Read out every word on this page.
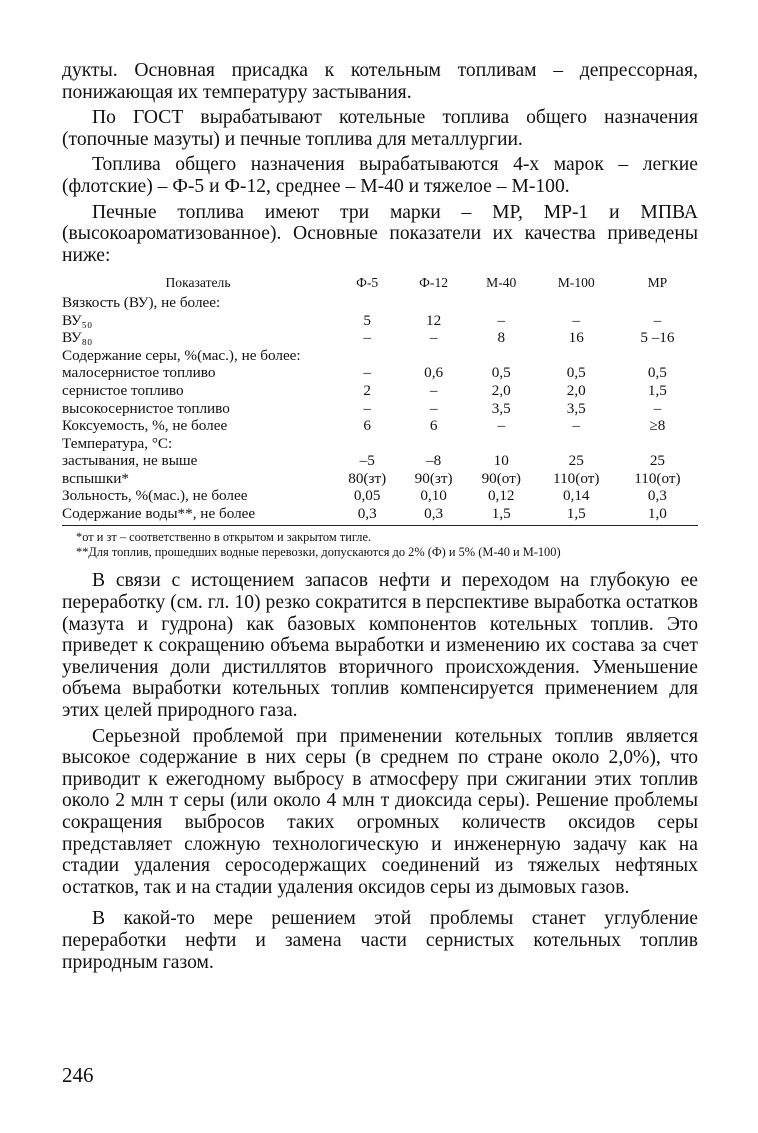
дукты. Основная присадка к котельным топливам – депрессорная, понижающая их температуру застывания.

По ГОСТ вырабатывают котельные топлива общего назначения (топочные мазуты) и печные топлива для металлургии.

Топлива общего назначения вырабатываются 4-х марок – легкие (флотские) – Ф-5 и Ф-12, среднее – М-40 и тяжелое – М-100.

Печные топлива имеют три марки – МР, МР-1 и МПВА (высокоароматизованное). Основные показатели их качества приведены ниже:

Показатель	Ф-5	Ф-12	М-40	М-100	МР
Вязкость (ВУ), не более:					
ВУ₅₀	5	12	–	–	–
ВУ₈₀	–	–	8	16	5 –16
Содержание серы, %(мас.), не более:					
малосернистое топливо	–	0,6	0,5	0,5	0,5
сернистое топливо	2	–	2,0	2,0	1,5
высокосернистое топливо	–	–	3,5	3,5	–
Коксуемость, %, не более	6	6	–	–	≥8
Температура, °С:					
застывания, не выше	–5	–8	10	25	25
вспышки*	80(зт)	90(зт)	90(от)	110(от)	110(от)
Зольность, %(мас.), не более	0,05	0,10	0,12	0,14	0,3
Содержание воды**, не более	0,3	0,3	1,5	1,5	1,0
*от и зт – соответственно в открытом и закрытом тигле.
**Для топлив, прошедших водные перевозки, допускаются до 2% (Ф) и 5% (М-40 и М-100)

В связи с истощением запасов нефти и переходом на глубокую ее переработку (см. гл. 10) резко сократится в перспективе выработка остатков (мазута и гудрона) как базовых компонентов котельных топлив. Это приведет к сокращению объема выработки и изменению их состава за счет увеличения доли дистиллятов вторичного происхождения. Уменьшение объема выработки котельных топлив компенсируется применением для этих целей природного газа.

Серьезной проблемой при применении котельных топлив является высокое содержание в них серы (в среднем по стране около 2,0%), что приводит к ежегодному выбросу в атмосферу при сжигании этих топлив около 2 млн т серы (или около 4 млн т диоксида серы). Решение проблемы сокращения выбросов таких огромных количеств оксидов серы представляет сложную технологическую и инженерную задачу как на стадии удаления серосодержащих соединений из тяжелых нефтяных остатков, так и на стадии удаления оксидов серы из дымовых газов.

В какой-то мере решением этой проблемы станет углубление переработки нефти и замена части сернистых котельных топлив природным газом.

246
